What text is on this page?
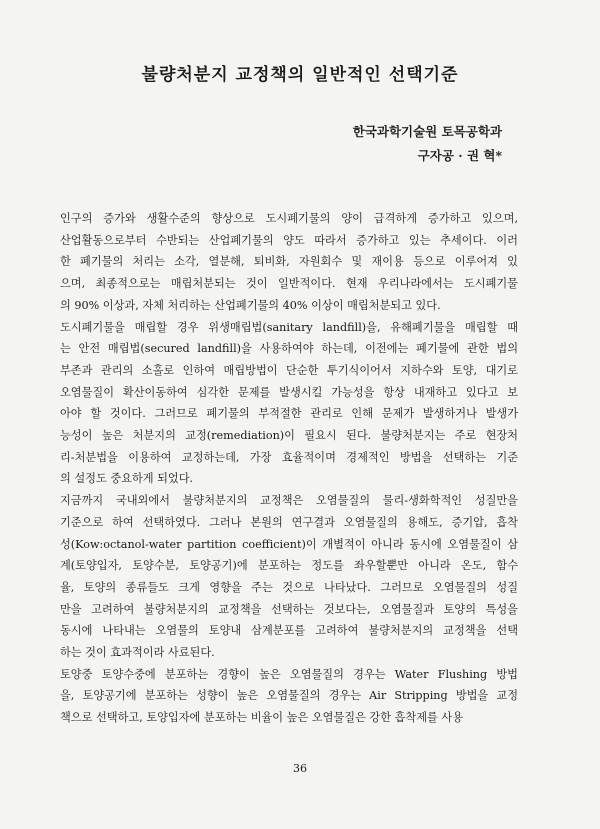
불량처분지 교정책의 일반적인 선택기준
한국과학기술원 토목공학과
구자공 · 권 혁*

인구의 증가와 생활수준의 향상으로 도시폐기물의 양이 급격하게 증가하고 있으며,
산업활동으로부터 수반되는 산업폐기물의 양도 따라서 증가하고 있는 추세이다. 이러
한 폐기물의 처리는 소각, 열분해, 퇴비화, 자원회수 및 재이용 등으로 이루어져 있
으며, 최종적으로는 매립처분되는 것이 일반적이다. 현재 우리나라에서는 도시폐기물
의 90% 이상과, 자체 처리하는 산업폐기물의 40% 이상이 매립처분되고 있다.

도시폐기물을 매립할 경우 위생매립법(sanitary landfill)을, 유해폐기물을 매립할 때
는 안전 매립법(secured landfill)을 사용하여야 하는데, 이전에는 폐기물에 관한 법의
부존과 관리의 소홀로 인하여 매립방법이 단순한 투기식이어서 지하수와 토양, 대기로
오염물질이 확산이동하여 심각한 문제를 발생시킬 가능성을 항상 내재하고 있다고 보
아야 할 것이다. 그러므로 폐기물의 부적절한 관리로 인해 문제가 발생하거나 발생가
능성이 높은 처분지의 교정(remediation)이 필요시 된다. 불량처분지는 주로 현장처
리-처분법을 이용하여 교정하는데, 가장 효율적이며 경제적인 방법을 선택하는 기준
의 설정도 중요하게 되었다.

지금까지 국내외에서 불량처분지의 교정책은 오염물질의 물리-생화학적인 성질만을
기준으로 하여 선택하였다. 그러나 본원의 연구결과 오염물질의 용해도, 증기압, 흡착
성(Kow:octanol-water partition coefficient)이 개별적이 아니라 동시에 오염물질이 삼
계(토양입자, 토양수분, 토양공기)에 분포하는 정도를 좌우할뿐만 아니라 온도, 함수
율, 토양의 종류들도 크게 영향을 주는 것으로 나타났다. 그러므로 오염물질의 성질
만을 고려하여 불량처분지의 교정책을 선택하는 것보다는, 오염물질과 토양의 특성을
동시에 나타내는 오염물의 토양내 삼계분포를 고려하여 불량처분지의 교정책을 선택
하는 것이 효과적이라 사료된다.

토양중 토양수중에 분포하는 경향이 높은 오염물질의 경우는 Water Flushing 방법
을, 토양공기에 분포하는 성향이 높은 오염물질의 경우는 Air Stripping 방법을 교정
책으로 선택하고, 토양입자에 분포하는 비율이 높은 오염물질은 강한 흡착제를 사용

36
